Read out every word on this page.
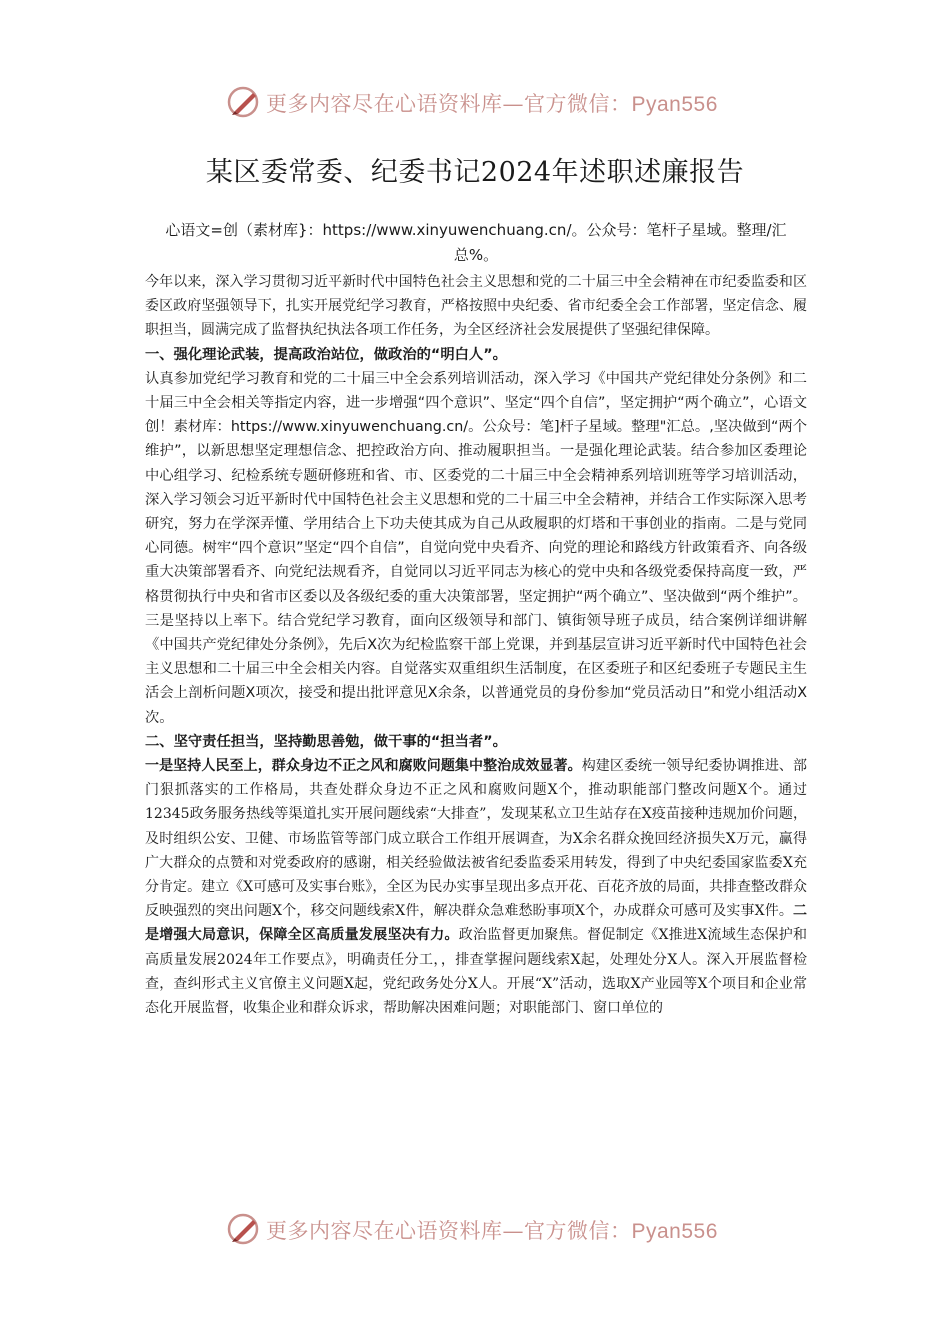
更多内容尽在心语资料库—官方微信：Pyan556
某区委常委、纪委书记2024年述职述廉报告
心语文=创（素材库}：https://www.xinyuwenchuang.cn/。公众号：笔杆子星域。整理/汇总%。

今年以来，深入学习贯彻习近平新时代中国特色社会主义思想和党的二十届三中全会精神在市纪委监委和区委区政府坚强领导下，扎实开展党纪学习教育，严格按照中央纪委、省市纪委全会工作部署，坚定信念、履职担当，圆满完成了监督执纪执法各项工作任务，为全区经济社会发展提供了坚强纪律保障。

一、强化理论武装，提高政治站位，做政治的“明白人”。

认真参加党纪学习教育和党的二十届三中全会系列培训活动，深入学习《中国共产党纪律处分条例》和二十届三中全会相关等指定内容，进一步增强“四个意识”、坚定“四个自信”，坚定拥护“两个确立”，心语文创！素材库：https://www.xinyuwenchuang.cn/。公众号：笔]杆子星域。整理"汇总。,坚决做到“两个维护”，以新思想坚定理想信念、把控政治方向、推动履职担当。一是强化理论武装。结合参加区委理论中心组学习、纪检系统专题研修班和省、市、区委党的二十届三中全会精神系列培训班等学习培训活动，深入学习领会习近平新时代中国特色社会主义思想和党的二十届三中全会精神，并结合工作实际深入思考研究，努力在学深弄懂、学用结合上下功夫使其成为自己从政履职的灯塔和干事创业的指南。二是与党同心同德。树牢“四个意识”坚定“四个自信”，自觉向党中央看齐、向党的理论和路线方针政策看齐、向各级重大决策部署看齐、向党纪法规看齐，自觉同以习近平同志为核心的党中央和各级党委保持高度一致，严格贯彻执行中央和省市区委以及各级纪委的重大决策部署，坚定拥护“两个确立”、坚决做到“两个维护”。三是坚持以上率下。结合党纪学习教育，面向区级领导和部门、镇街领导班子成员，结合案例详细讲解《中国共产党纪律处分条例》，先后X次为纪检监察干部上党课，并到基层宣讲习近平新时代中国特色社会主义思想和二十届三中全会相关内容。自觉落实双重组织生活制度，在区委班子和区纪委班子专题民主生活会上剖析问题X项次，接受和提出批评意见X余条，以普通党员的身份参加“党员活动日”和党小组活动X次。

二、坚守责任担当，坚持勤思善勉，做干事的“担当者”。

一是坚持人民至上，群众身边不正之风和腐败问题集中整治成效显著。构建区委统一领导纪委协调推进、部门狠抓落实的工作格局，共查处群众身边不正之风和腐败问题X个，推动职能部门整改问题X个。通过12345政务服务热线等渠道扎实开展问题线索“大排查”，发现某私立卫生站存在X疫苗接种违规加价问题，及时组织公安、卫健、市场监管等部门成立联合工作组开展调查，为X余名群众挽回经济损失X万元，赢得广大群众的点赞和对党委政府的感谢，相关经验做法被省纪委监委采用转发，得到了中央纪委国家监委X充分肯定。建立《X可感可及实事台账》，全区为民办实事呈现出多点开花、百花齐放的局面，共排查整改群众反映强烈的突出问题X个，移交问题线索X件，解决群众急难愁盼事项X个，办成群众可感可及实事X件。二是增强大局意识，保障全区高质量发展坚决有力。政治监督更加聚焦。督促制定《X推进X流域生态保护和高质量发展2024年工作要点》，明确责任分工，，排查掌握问题线索X起，处理处分X人。深入开展监督检查，查纠形式主义官僚主义问题X起，党纪政务处分X人。开展“X”活动，选取X产业园等X个项目和企业常态化开展监督，收集企业和群众诉求，帮助解决困难问题；对职能部门、窗口单位的

更多内容尽在心语资料库—官方微信：Pyan556
